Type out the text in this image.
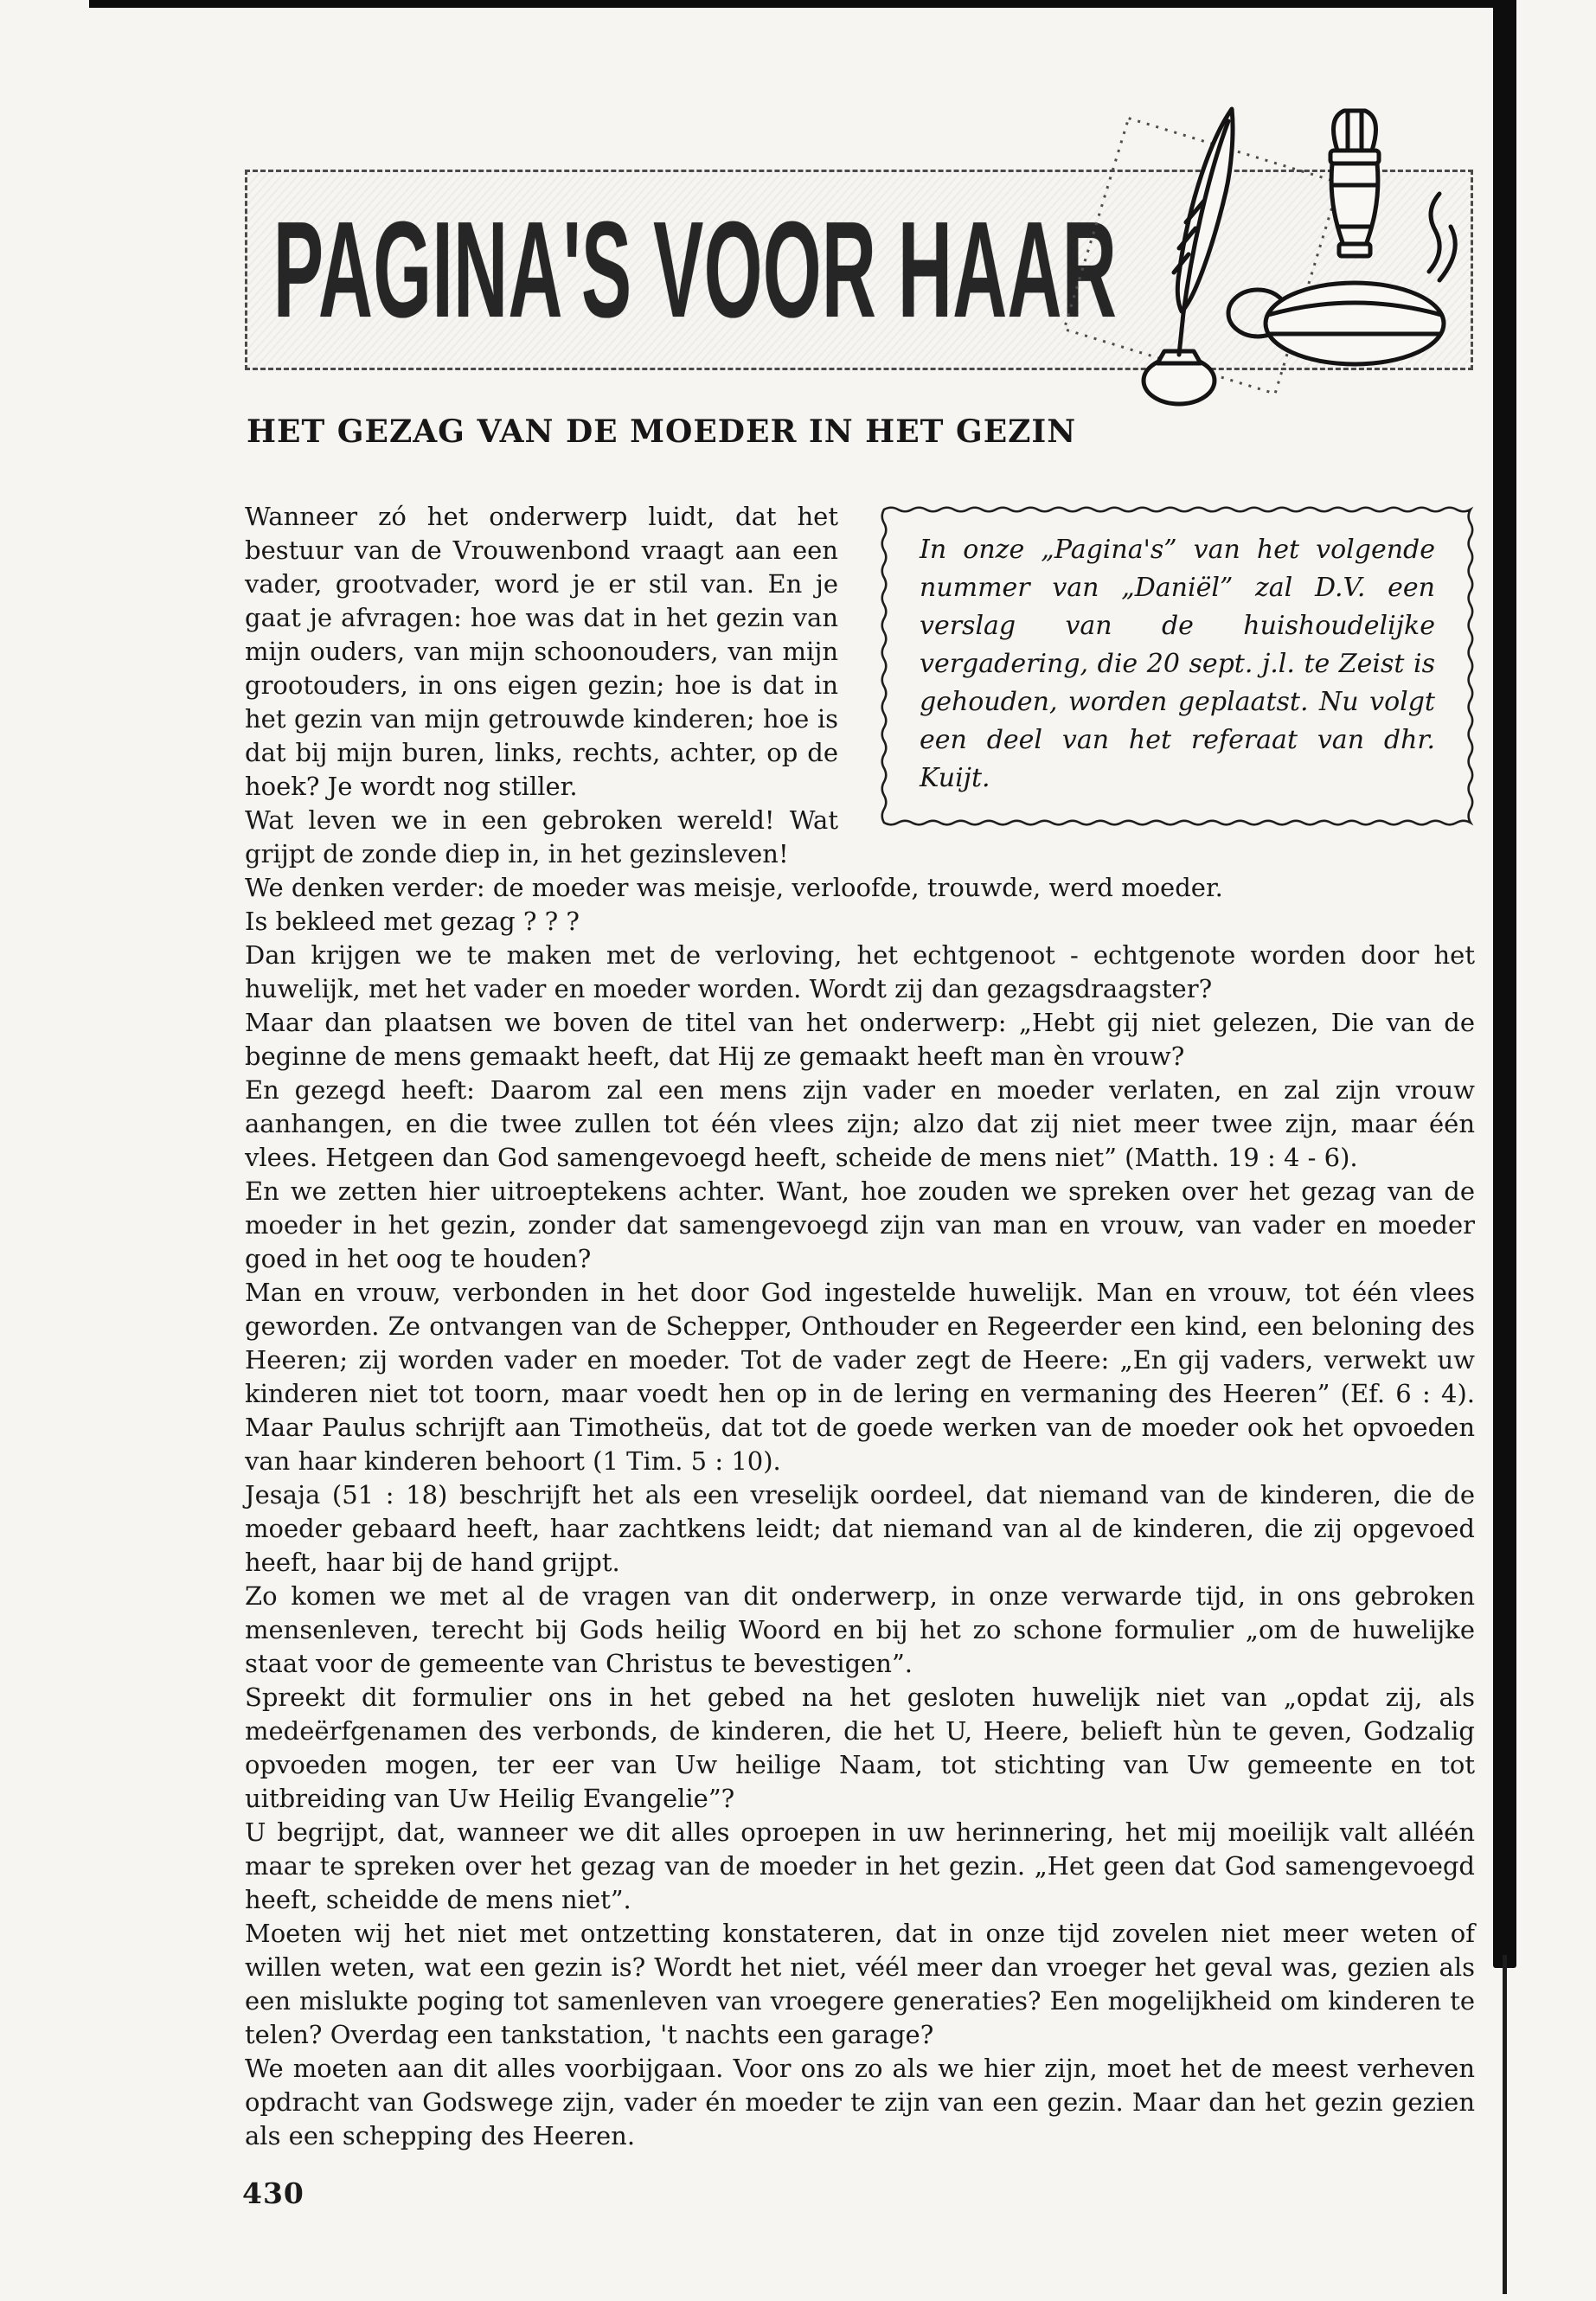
PAGINA'S VOOR HAAR
HET GEZAG VAN DE MOEDER IN HET GEZIN
In onze „Pagina's” van het volgende nummer van „Daniël” zal D.V. een verslag van de huishoudelijke vergadering, die 20 sept. j.l. te Zeist is gehouden, worden geplaatst. Nu volgt een deel van het referaat van dhr. Kuijt.

Wanneer zó het onderwerp luidt, dat het bestuur van de Vrouwenbond vraagt aan een vader, grootvader, word je er stil van. En je gaat je afvragen: hoe was dat in het gezin van mijn ouders, van mijn schoonouders, van mijn grootouders, in ons eigen gezin; hoe is dat in het gezin van mijn getrouwde kinderen; hoe is dat bij mijn buren, links, rechts, achter, op de hoek? Je wordt nog stiller.

Wat leven we in een gebroken wereld! Wat grijpt de zonde diep in, in het gezinsleven!

We denken verder: de moeder was meisje, verloofde, trouwde, werd moeder.

Is bekleed met gezag ? ? ?

Dan krijgen we te maken met de verloving, het echtgenoot - echtgenote worden door het huwelijk, met het vader en moeder worden. Wordt zij dan gezagsdraagster?

Maar dan plaatsen we boven de titel van het onderwerp: „Hebt gij niet gelezen, Die van de beginne de mens gemaakt heeft, dat Hij ze gemaakt heeft man èn vrouw?

En gezegd heeft: Daarom zal een mens zijn vader en moeder verlaten, en zal zijn vrouw aanhangen, en die twee zullen tot één vlees zijn; alzo dat zij niet meer twee zijn, maar één vlees. Hetgeen dan God samengevoegd heeft, scheide de mens niet” (Matth. 19 : 4 - 6).

En we zetten hier uitroeptekens achter. Want, hoe zouden we spreken over het gezag van de moeder in het gezin, zonder dat samengevoegd zijn van man en vrouw, van vader en moeder goed in het oog te houden?

Man en vrouw, verbonden in het door God ingestelde huwelijk. Man en vrouw, tot één vlees geworden. Ze ontvangen van de Schepper, Onthouder en Regeerder een kind, een beloning des Heeren; zij worden vader en moeder. Tot de vader zegt de Heere: „En gij vaders, verwekt uw kinderen niet tot toorn, maar voedt hen op in de lering en vermaning des Heeren” (Ef. 6 : 4). Maar Paulus schrijft aan Timotheüs, dat tot de goede werken van de moeder ook het opvoeden van haar kinderen behoort (1 Tim. 5 : 10).

Jesaja (51 : 18) beschrijft het als een vreselijk oordeel, dat niemand van de kinderen, die de moeder gebaard heeft, haar zachtkens leidt; dat niemand van al de kinderen, die zij opgevoed heeft, haar bij de hand grijpt.

Zo komen we met al de vragen van dit onderwerp, in onze verwarde tijd, in ons gebroken mensenleven, terecht bij Gods heilig Woord en bij het zo schone formulier „om de huwelijke staat voor de gemeente van Christus te bevestigen”.

Spreekt dit formulier ons in het gebed na het gesloten huwelijk niet van „opdat zij, als medeërfgenamen des verbonds, de kinderen, die het U, Heere, belieft hùn te geven, Godzalig opvoeden mogen, ter eer van Uw heilige Naam, tot stichting van Uw gemeente en tot uitbreiding van Uw Heilig Evangelie”?

U begrijpt, dat, wanneer we dit alles oproepen in uw herinnering, het mij moeilijk valt alléén maar te spreken over het gezag van de moeder in het gezin. „Het geen dat God samengevoegd heeft, scheidde de mens niet”.

Moeten wij het niet met ontzetting konstateren, dat in onze tijd zovelen niet meer weten of willen weten, wat een gezin is? Wordt het niet, véél meer dan vroeger het geval was, gezien als een mislukte poging tot samenleven van vroegere generaties? Een mogelijkheid om kinderen te telen? Overdag een tankstation, 't nachts een garage?

We moeten aan dit alles voorbijgaan. Voor ons zo als we hier zijn, moet het de meest verheven opdracht van Godswege zijn, vader én moeder te zijn van een gezin. Maar dan het gezin gezien als een schepping des Heeren.

430
